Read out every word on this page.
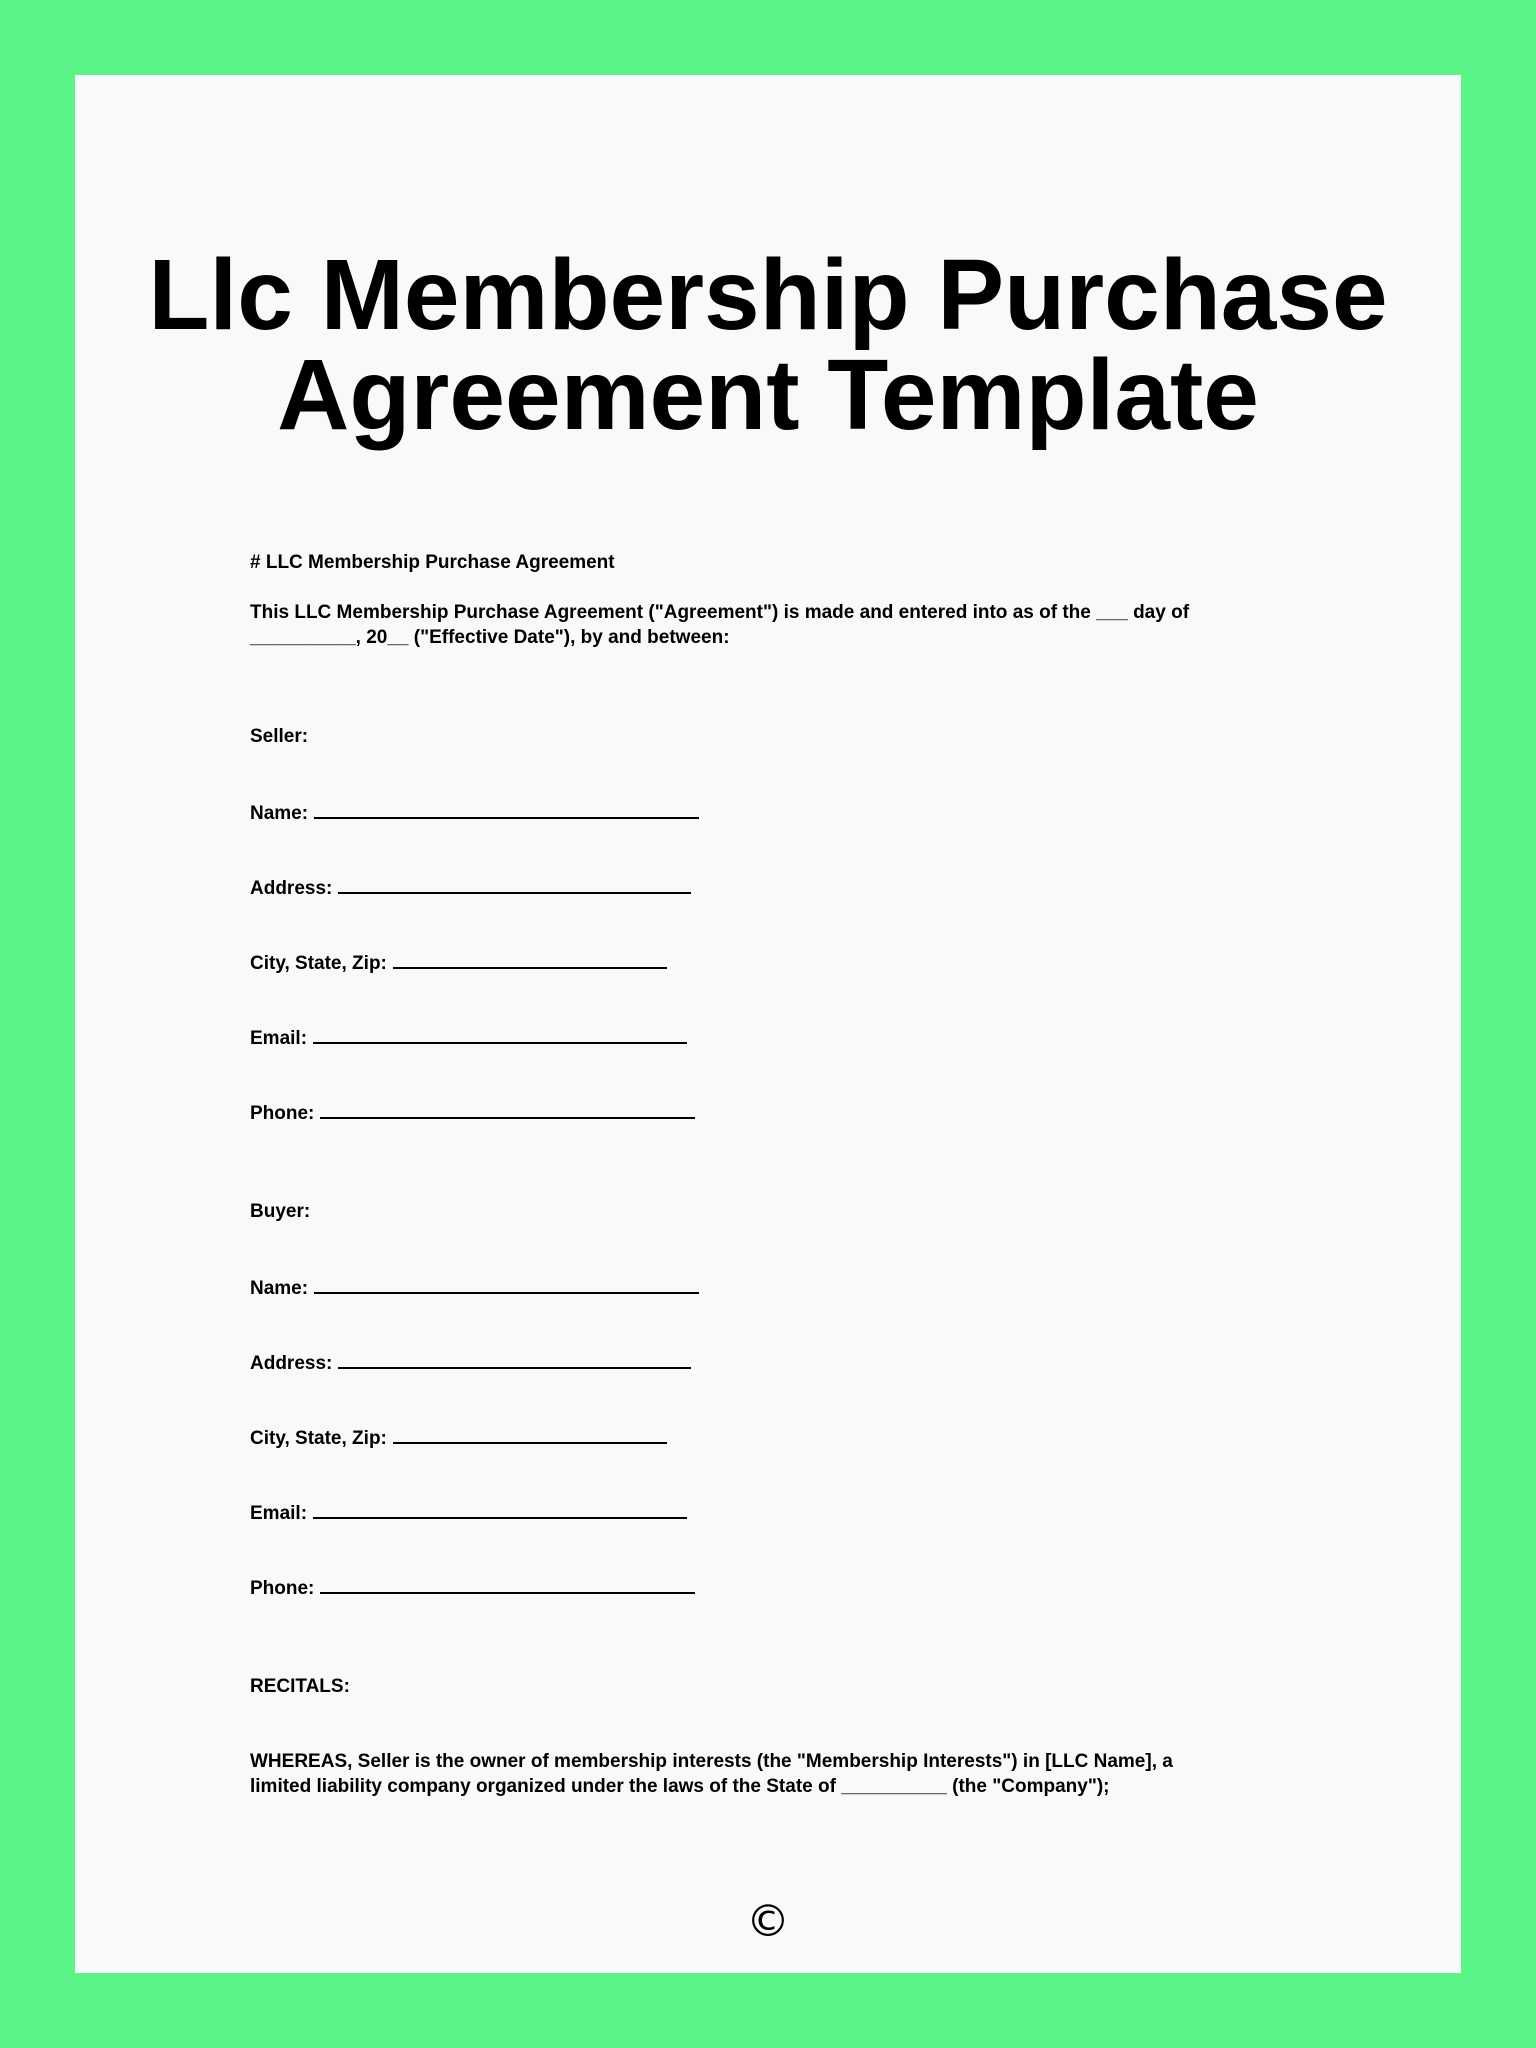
Llc Membership Purchase
Agreement Template

# LLC Membership Purchase Agreement

This LLC Membership Purchase Agreement ("Agreement") is made and entered into as of the ___ day of

__________, 20__ ("Effective Date"), by and between:

Seller:

Name:
Address:
City, State, Zip:
Email:
Phone:

Buyer:

Name:
Address:
City, State, Zip:
Email:
Phone:

RECITALS:

WHEREAS, Seller is the owner of membership interests (the "Membership Interests") in [LLC Name], a

limited liability company organized under the laws of the State of __________ (the "Company");

©
